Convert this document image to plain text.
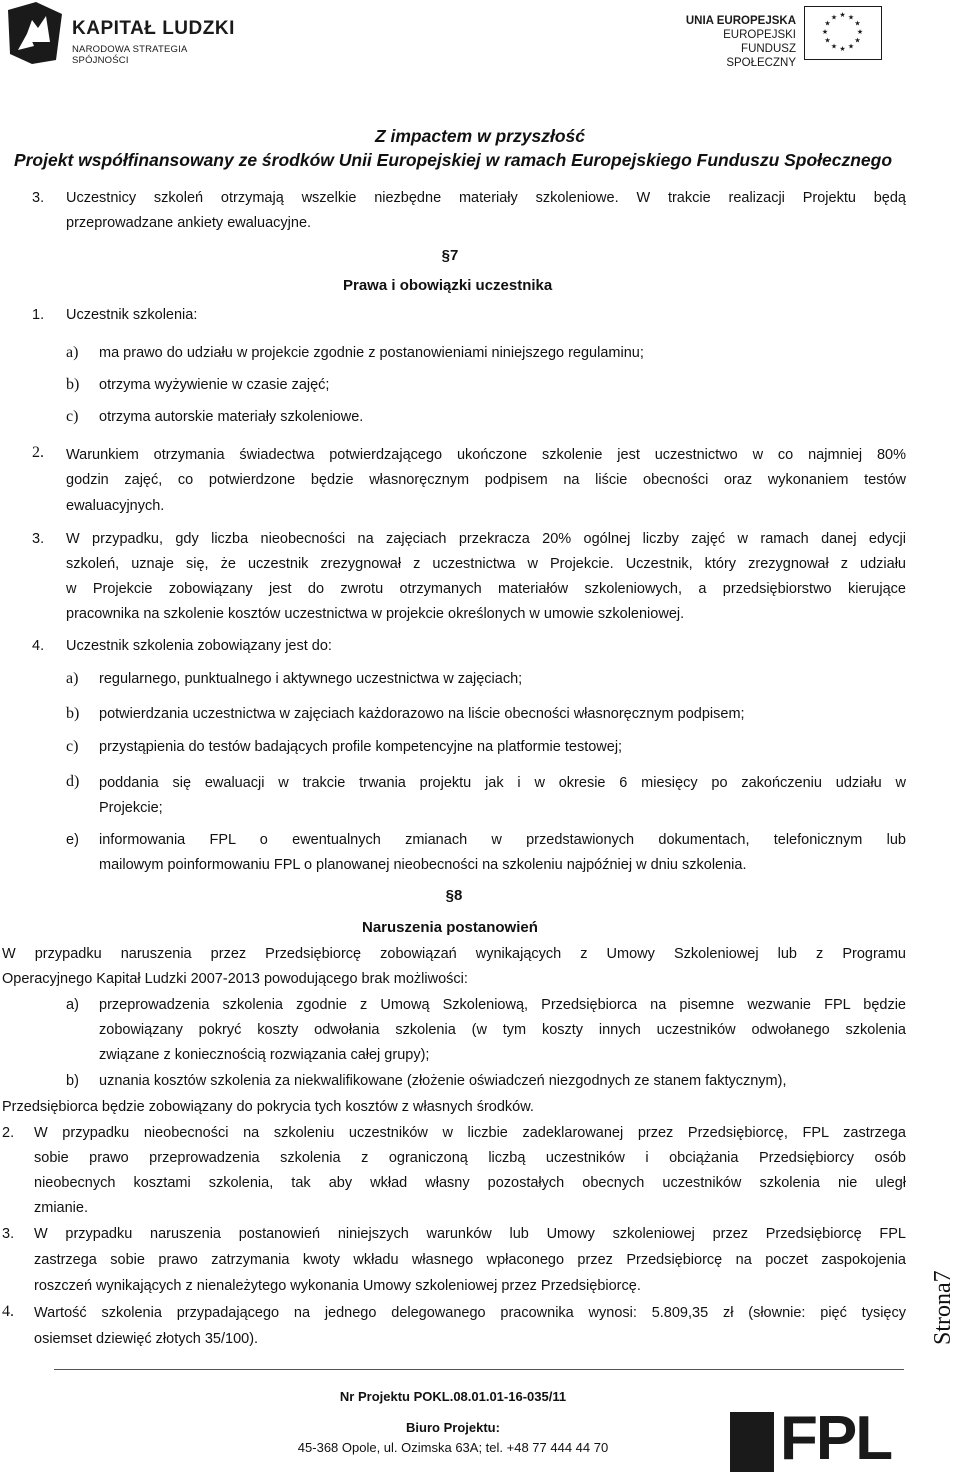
KAPITAŁ LUDZKI
NARODOWA STRATEGIA SPÓJNOŚCI
UNIA EUROPEJSKA
EUROPEJSKI
FUNDUSZ SPOŁECZNY
★ ★
★
★
★
★
★
★
★
★
★
★
Z impactem w przyszłość
Projekt współfinansowany ze środków Unii Europejskiej w ramach Europejskiego Funduszu Społecznego
3. Uczestnicy szkoleń otrzymają wszelkie niezbędne materiały szkoleniowe. W trakcie realizacji Projektu będą
przeprowadzane ankiety ewaluacyjne.
§7
Prawa i obowiązki uczestnika
1. Uczestnik szkolenia:
a) ma prawo do udziału w projekcie zgodnie z postanowieniami niniejszego regulaminu;
b) otrzyma wyżywienie w czasie zajęć;
c) otrzyma autorskie materiały szkoleniowe.
2. Warunkiem otrzymania świadectwa potwierdzającego ukończone szkolenie jest uczestnictwo w co najmniej 80%
godzin zajęć, co potwierdzone będzie własnoręcznym podpisem na liście obecności oraz wykonaniem testów
ewaluacyjnych.
3. W przypadku, gdy liczba nieobecności na zajęciach przekracza 20% ogólnej liczby zajęć w ramach danej edycji
szkoleń, uznaje się, że uczestnik zrezygnował z uczestnictwa w Projekcie. Uczestnik, który zrezygnował z udziału
w Projekcie zobowiązany jest do zwrotu otrzymanych materiałów szkoleniowych, a przedsiębiorstwo kierujące
pracownika na szkolenie kosztów uczestnictwa w projekcie określonych w umowie szkoleniowej.
4. Uczestnik szkolenia zobowiązany jest do:
a) regularnego, punktualnego i aktywnego uczestnictwa w zajęciach;
b) potwierdzania uczestnictwa w zajęciach każdorazowo na liście obecności własnoręcznym podpisem;
c) przystąpienia do testów badających profile kompetencyjne na platformie testowej;
d) poddania się ewaluacji w trakcie trwania projektu jak i w okresie 6 miesięcy po zakończeniu udziału w
Projekcie;
e) informowania FPL o ewentualnych zmianach w przedstawionych dokumentach, telefonicznym lub
mailowym poinformowaniu FPL o planowanej nieobecności na szkoleniu najpóźniej w dniu szkolenia.
§8
Naruszenia postanowień
W przypadku naruszenia przez Przedsiębiorcę zobowiązań wynikających z Umowy Szkoleniowej lub z Programu
Operacyjnego Kapitał Ludzki 2007-2013 powodującego brak możliwości:
a) przeprowadzenia szkolenia zgodnie z Umową Szkoleniową, Przedsiębiorca na pisemne wezwanie FPL będzie
zobowiązany pokryć koszty odwołania szkolenia (w tym koszty innych uczestników odwołanego szkolenia
związane z koniecznością rozwiązania całej grupy);
b) uznania kosztów szkolenia za niekwalifikowane (złożenie oświadczeń niezgodnych ze stanem faktycznym),
Przedsiębiorca będzie zobowiązany do pokrycia tych kosztów z własnych środków.
2. W przypadku nieobecności na szkoleniu uczestników w liczbie zadeklarowanej przez Przedsiębiorcę, FPL zastrzega
sobie prawo przeprowadzenia szkolenia z ograniczoną liczbą uczestników i obciążania Przedsiębiorcy osób
nieobecnych kosztami szkolenia, tak aby wkład własny pozostałych obecnych uczestników szkolenia nie uległ
zmianie.
3. W przypadku naruszenia postanowień niniejszych warunków lub Umowy szkoleniowej przez Przedsiębiorcę FPL
zastrzega sobie prawo zatrzymania kwoty wkładu własnego wpłaconego przez Przedsiębiorcę na poczet zaspokojenia
roszczeń wynikających z nienależytego wykonania Umowy szkoleniowej przez Przedsiębiorcę.
4. Wartość szkolenia przypadającego na jednego delegowanego pracownika wynosi: 5.809,35 zł (słownie: pięć tysięcy
osiemset dziewięć złotych 35/100).	Strona7
Nr Projektu POKL.08.01.01-16-035/11
Biuro Projektu:
45-368 Opole, ul. Ozimska 63A; tel. +48 77 444 44 70	FPL
